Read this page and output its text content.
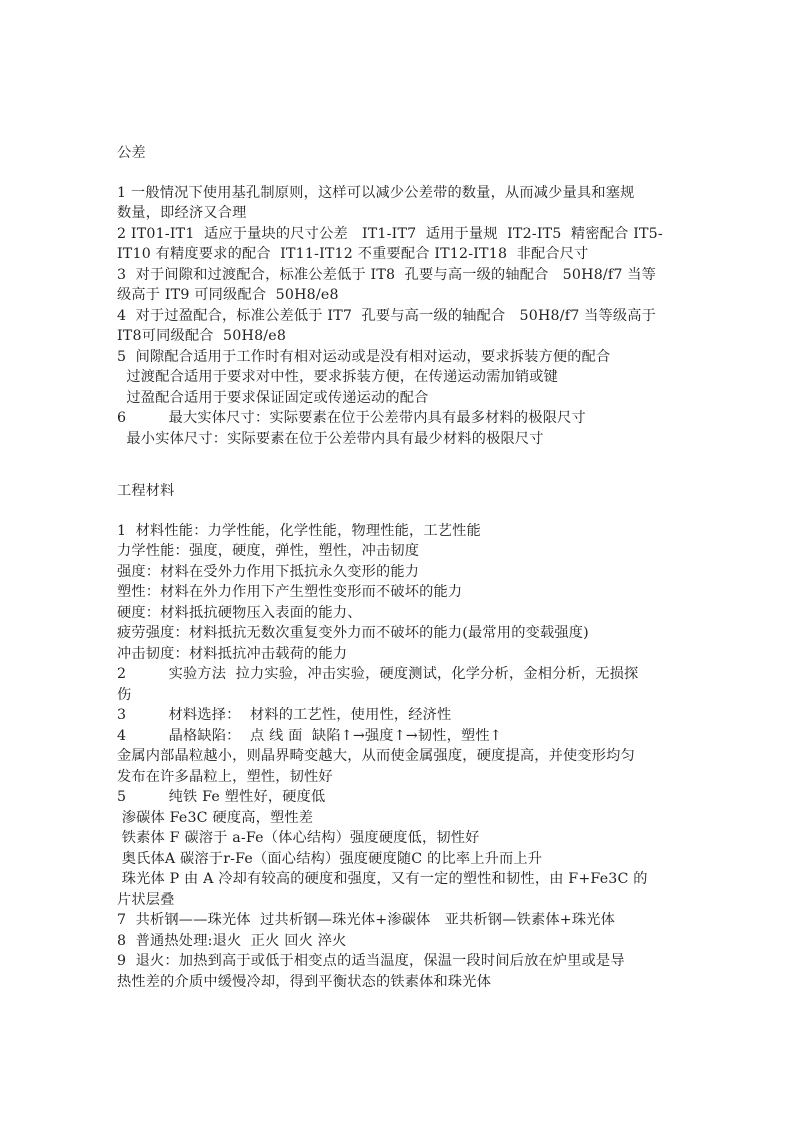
公差
1 一般情况下使用基孔制原则，这样可以减少公差带的数量，从而减少量具和塞规
数量，即经济又合理
2 IT01-IT1  适应于量块的尺寸公差   IT1-IT7  适用于量规  IT2-IT5  精密配合 IT5-
IT10 有精度要求的配合  IT11-IT12 不重要配合 IT12-IT18  非配合尺寸
3  对于间隙和过渡配合，标准公差低于 IT8  孔要与高一级的轴配合   50H8/f7 当等
级高于 IT9 可同级配合  50H8/e8
4  对于过盈配合，标准公差低于 IT7  孔要与高一级的轴配合   50H8/f7 当等级高于
IT8可同级配合  50H8/e8
5  间隙配合适用于工作时有相对运动或是没有相对运动，要求拆装方便的配合
过渡配合适用于要求对中性，要求拆装方便，在传递运动需加销或键
过盈配合适用于要求保证固定或传递运动的配合
6         最大实体尺寸：实际要素在位于公差带内具有最多材料的极限尺寸
最小实体尺寸：实际要素在位于公差带内具有最少材料的极限尺寸
工程材料
1  材料性能：力学性能，化学性能，物理性能，工艺性能
力学性能：强度，硬度，弹性，塑性，冲击韧度
强度：材料在受外力作用下抵抗永久变形的能力
塑性：材料在外力作用下产生塑性变形而不破坏的能力
硬度：材料抵抗硬物压入表面的能力、
疲劳强度：材料抵抗无数次重复变外力而不破坏的能力(最常用的变载强度)
冲击韧度：材料抵抗冲击载荷的能力
2         实验方法  拉力实验，冲击实验，硬度测试，化学分析，金相分析，无损探
伤
3         材料选择：  材料的工艺性，使用性，经济性
4         晶格缺陷：  点 线 面  缺陷↑→强度↑→韧性，塑性↑
金属内部晶粒越小，则晶界畸变越大，从而使金属强度，硬度提高，并使变形均匀
发布在许多晶粒上，塑性，韧性好
5         纯铁 Fe 塑性好，硬度低
渗碳体 Fe3C 硬度高，塑性差
铁素体 F 碳溶于 a-Fe（体心结构）强度硬度低，韧性好
奥氏体A 碳溶于r-Fe（面心结构）强度硬度随C 的比率上升而上升
珠光体 P 由 A 冷却有较高的硬度和强度，又有一定的塑性和韧性，由 F+Fe3C 的
片状层叠
7  共析钢——珠光体  过共析钢—珠光体+渗碳体   亚共析钢—铁素体+珠光体
8  普通热处理:退火  正火 回火 淬火
9  退火：加热到高于或低于相变点的适当温度，保温一段时间后放在炉里或是导
热性差的介质中缓慢冷却，得到平衡状态的铁素体和珠光体
